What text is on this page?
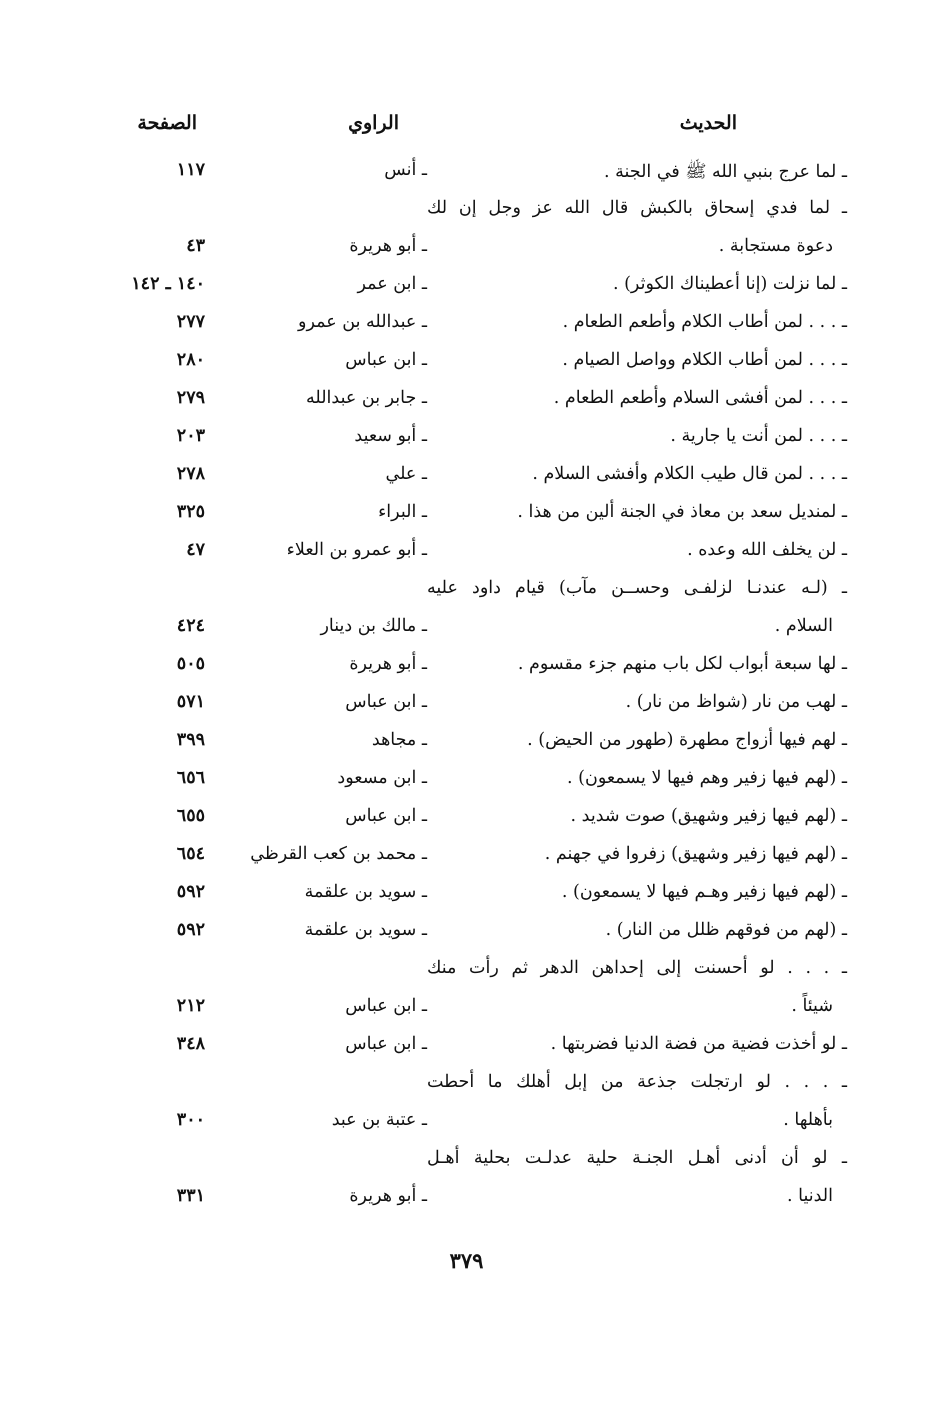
الحديث
الراوي
الصفحة
ـ لما عرج بنبي الله ﷺ في الجنة .
ـ أنس
١١٧
ـ لما فدي إسحاق بالكبش قال الله عز وجل إن لك
دعوة مستجابة .
ـ أبو هريرة
٤٣
ـ لما نزلت (إنا أعطيناك الكوثر) .
ـ ابن عمر
١٤٠ ـ ١٤٢
ـ . . . لمن أطاب الكلام وأطعم الطعام .
ـ عبدالله بن عمرو
٢٧٧
ـ . . . لمن أطاب الكلام وواصل الصيام .
ـ ابن عباس
٢٨٠
ـ . . . لمن أفشى السلام وأطعم الطعام .
ـ جابر بن عبدالله
٢٧٩
ـ . . . لمن أنت يا جارية .
ـ أبو سعيد
٢٠٣
ـ . . . لمن قال طيب الكلام وأفشى السلام .
ـ علي
٢٧٨
ـ لمنديل سعد بن معاذ في الجنة ألين من هذا .
ـ البراء
٣٢٥
ـ لن يخلف الله وعده .
ـ أبو عمرو بن العلاء
٤٧
ـ (لـه عندنـا لزلفـى وحســن مآب) قيام داود عليه
السلام .
ـ مالك بن دينار
٤٢٤
ـ لها سبعة أبواب لكل باب منهم جزء مقسوم .
ـ أبو هريرة
٥٠٥
ـ لهب من نار (شواظ من نار) .
ـ ابن عباس
٥٧١
ـ لهم فيها أزواج مطهرة (طهور من الحيض) .
ـ مجاهد
٣٩٩
ـ (لهم فيها زفير وهم فيها لا يسمعون) .
ـ ابن مسعود
٦٥٦
ـ (لهم فيها زفير وشهيق) صوت شديد .
ـ ابن عباس
٦٥٥
ـ (لهم فيها زفير وشهيق) زفروا في جهنم .
ـ محمد بن كعب القرظي
٦٥٤
ـ (لهم فيها زفير وهـم فيها لا يسمعون) .
ـ سويد بن علقمة
٥٩٢
ـ (لهم من فوقهم ظلل من النار) .
ـ سويد بن علقمة
٥٩٢
ـ . . . لو أحسنت إلى إحداهن الدهر ثم رأت منك
شيئاً .
ـ ابن عباس
٢١٢
ـ لو أخذت فضية من فضة الدنيا فضربتها .
ـ ابن عباس
٣٤٨
ـ . . . لو ارتجلت جذعة من إبل أهلك ما أحطت
بأهلها .
ـ عتبة بن عبد
٣٠٠
ـ لو أن أدنى أهـل الجنـة حلية عدلـت بحلية أهـل
الدنيا .
ـ أبو هريرة
٣٣١
٣٧٩
